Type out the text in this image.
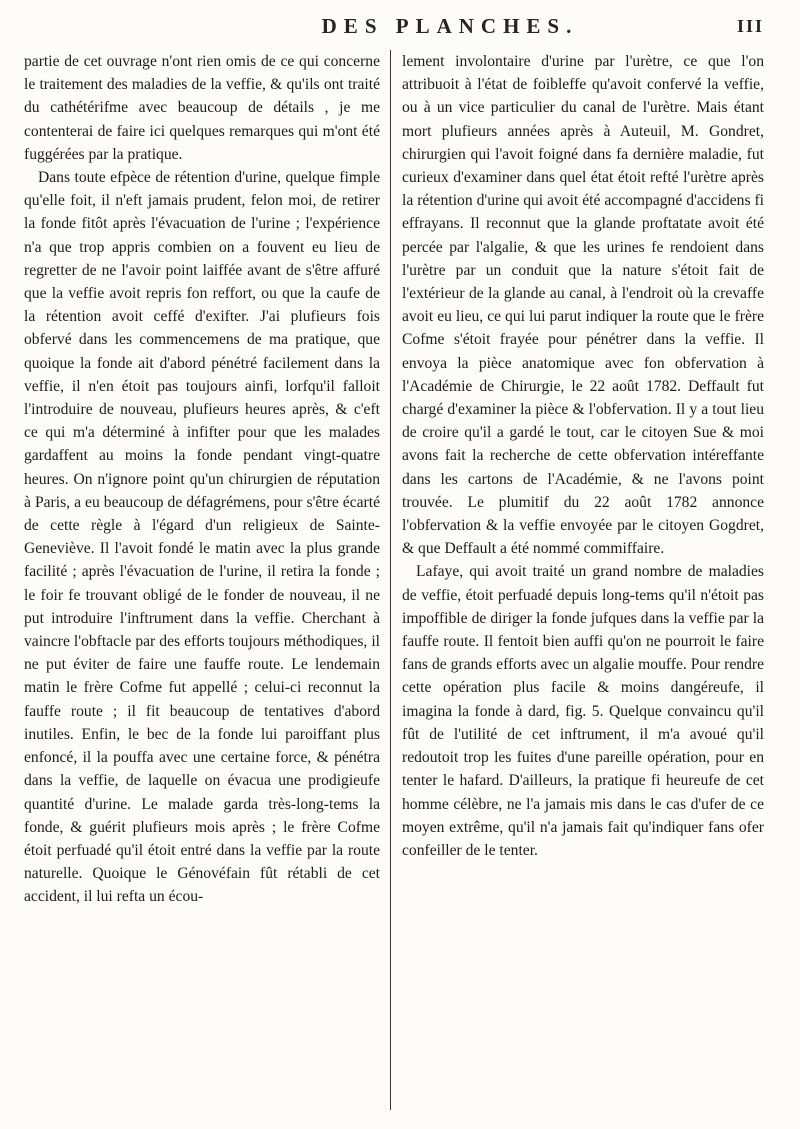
DES PLANCHES.	III

partie de cet ouvrage n'ont rien omis de ce qui concerne le traitement des maladies de la veffie, & qu'ils ont traité du cathétérifme avec beaucoup de détails , je me contenterai de faire ici quelques remarques qui m'ont été fuggérées par la pratique.

Dans toute efpèce de rétention d'urine, quelque fimple qu'elle foit, il n'eft jamais prudent, felon moi, de retirer la fonde fitôt après l'évacuation de l'urine ; l'expérience n'a que trop appris combien on a fouvent eu lieu de regretter de ne l'avoir point laiffée avant de s'être affuré que la veffie avoit repris fon reffort, ou que la caufe de la rétention avoit ceffé d'exifter. J'ai plufieurs fois obfervé dans les commencemens de ma pratique, que quoique la fonde ait d'abord pénétré facilement dans la veffie, il n'en étoit pas toujours ainfi, lorfqu'il falloit l'introduire de nouveau, plufieurs heures après, & c'eft ce qui m'a déterminé à infifter pour que les malades gardaffent au moins la fonde pendant vingt-quatre heures. On n'ignore point qu'un chirurgien de réputation à Paris, a eu beaucoup de défagrémens, pour s'être écarté de cette règle à l'égard d'un religieux de Sainte-Geneviève. Il l'avoit fondé le matin avec la plus grande facilité ; après l'évacuation de l'urine, il retira la fonde ; le foir fe trouvant obligé de le fonder de nouveau, il ne put introduire l'inftrument dans la veffie. Cherchant à vaincre l'obftacle par des efforts toujours méthodiques, il ne put éviter de faire une fauffe route. Le lendemain matin le frère Cofme fut appellé ; celui-ci reconnut la fauffe route ; il fit beaucoup de tentatives d'abord inutiles. Enfin, le bec de la fonde lui paroiffant plus enfoncé, il la pouffa avec une certaine force, & pénétra dans la veffie, de laquelle on évacua une prodigieufe quantité d'urine. Le malade garda très-long-tems la fonde, & guérit plufieurs mois après ; le frère Cofme étoit perfuadé qu'il étoit entré dans la veffie par la route naturelle. Quoique le Génovéfain fût rétabli de cet accident, il lui refta un écou-

lement involontaire d'urine par l'urètre, ce que l'on attribuoit à l'état de foibleffe qu'avoit confervé la veffie, ou à un vice particulier du canal de l'urètre. Mais étant mort plufieurs années après à Auteuil, M. Gondret, chirurgien qui l'avoit foigné dans fa dernière maladie, fut curieux d'examiner dans quel état étoit refté l'urètre après la rétention d'urine qui avoit été accompagné d'accidens fi effrayans. Il reconnut que la glande proftatate avoit été percée par l'algalie, & que les urines fe rendoient dans l'urètre par un conduit que la nature s'étoit fait de l'extérieur de la glande au canal, à l'endroit où la crevaffe avoit eu lieu, ce qui lui parut indiquer la route que le frère Cofme s'étoit frayée pour pénétrer dans la veffie. Il envoya la pièce anatomique avec fon obfervation à l'Académie de Chirurgie, le 22 août 1782. Deffault fut chargé d'examiner la pièce & l'obfervation. Il y a tout lieu de croire qu'il a gardé le tout, car le citoyen Sue & moi avons fait la recherche de cette obfervation intéreffante dans les cartons de l'Académie, & ne l'avons point trouvée. Le plumitif du 22 août 1782 annonce l'obfervation & la veffie envoyée par le citoyen Gogdret, & que Deffault a été nommé commiffaire.

Lafaye, qui avoit traité un grand nombre de maladies de veffie, étoit perfuadé depuis long-tems qu'il n'étoit pas impoffible de diriger la fonde jufques dans la veffie par la fauffe route. Il fentoit bien auffi qu'on ne pourroit le faire fans de grands efforts avec un algalie mouffe. Pour rendre cette opération plus facile & moins dangéreufe, il imagina la fonde à dard, fig. 5. Quelque convaincu qu'il fût de l'utilité de cet inftrument, il m'a avoué qu'il redoutoit trop les fuites d'une pareille opération, pour en tenter le hafard. D'ailleurs, la pratique fi heureufe de cet homme célèbre, ne l'a jamais mis dans le cas d'ufer de ce moyen extrême, qu'il n'a jamais fait qu'indiquer fans ofer confeiller de le tenter.
